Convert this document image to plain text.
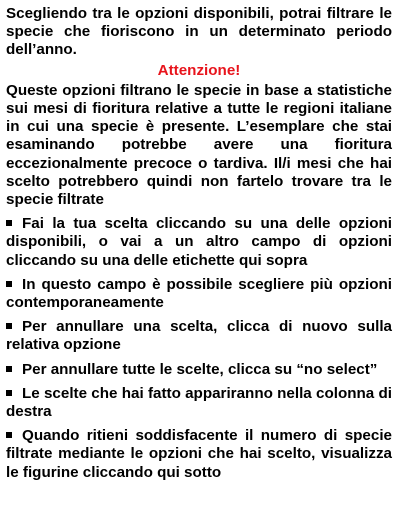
Scegliendo tra le opzioni disponibili, potrai filtrare le specie che fioriscono in un determinato periodo dell’anno.

Attenzione!

Queste opzioni filtrano le specie in base a statistiche sui mesi di fioritura relative a tutte le regioni italiane in cui una specie è presente. L’esemplare che stai esaminando potrebbe avere una fioritura eccezionalmente precoce o tardiva. Il/i mesi che hai scelto potrebbero quindi non fartelo trovare tra le specie filtrate

Fai la tua scelta cliccando su una delle opzioni disponibili, o vai a un altro campo di opzioni cliccando su una delle etichette qui sopra
In questo campo è possibile scegliere più opzioni contemporaneamente
Per annullare una scelta, clicca di nuovo sulla relativa opzione
Per annullare tutte le scelte, clicca su “no select”
Le scelte che hai fatto appariranno nella colonna di destra
Quando ritieni soddisfacente il numero di specie filtrate mediante le opzioni che hai scelto, visualizza le figurine cliccando qui sotto
